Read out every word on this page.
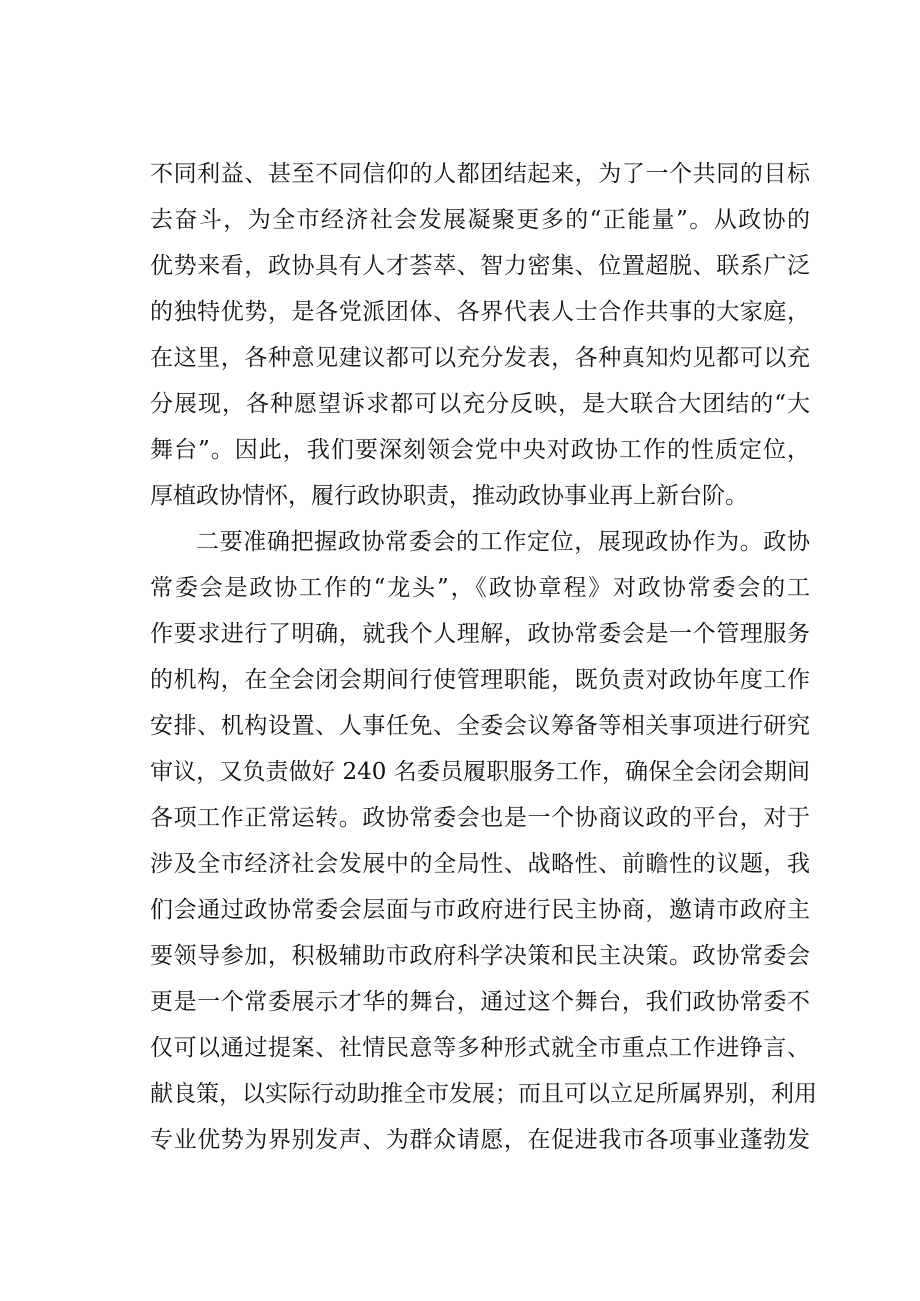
不同利益、甚至不同信仰的人都团结起来，为了一个共同的目标
去奋斗，为全市经济社会发展凝聚更多的“正能量”。从政协的
优势来看，政协具有人才荟萃、智力密集、位置超脱、联系广泛
的独特优势，是各党派团体、各界代表人士合作共事的大家庭，
在这里，各种意见建议都可以充分发表，各种真知灼见都可以充
分展现，各种愿望诉求都可以充分反映，是大联合大团结的“大
舞台”。因此，我们要深刻领会党中央对政协工作的性质定位，
厚植政协情怀，履行政协职责，推动政协事业再上新台阶。
二要准确把握政协常委会的工作定位，展现政协作为。政协
常委会是政协工作的“龙头”，《政协章程》对政协常委会的工
作要求进行了明确，就我个人理解，政协常委会是一个管理服务
的机构，在全会闭会期间行使管理职能，既负责对政协年度工作
安排、机构设置、人事任免、全委会议筹备等相关事项进行研究
审议，又负责做好 240 名委员履职服务工作，确保全会闭会期间
各项工作正常运转。政协常委会也是一个协商议政的平台，对于
涉及全市经济社会发展中的全局性、战略性、前瞻性的议题，我
们会通过政协常委会层面与市政府进行民主协商，邀请市政府主
要领导参加，积极辅助市政府科学决策和民主决策。政协常委会
更是一个常委展示才华的舞台，通过这个舞台，我们政协常委不
仅可以通过提案、社情民意等多种形式就全市重点工作进铮言、
献良策，以实际行动助推全市发展；而且可以立足所属界别，利用
专业优势为界别发声、为群众请愿，在促进我市各项事业蓬勃发
